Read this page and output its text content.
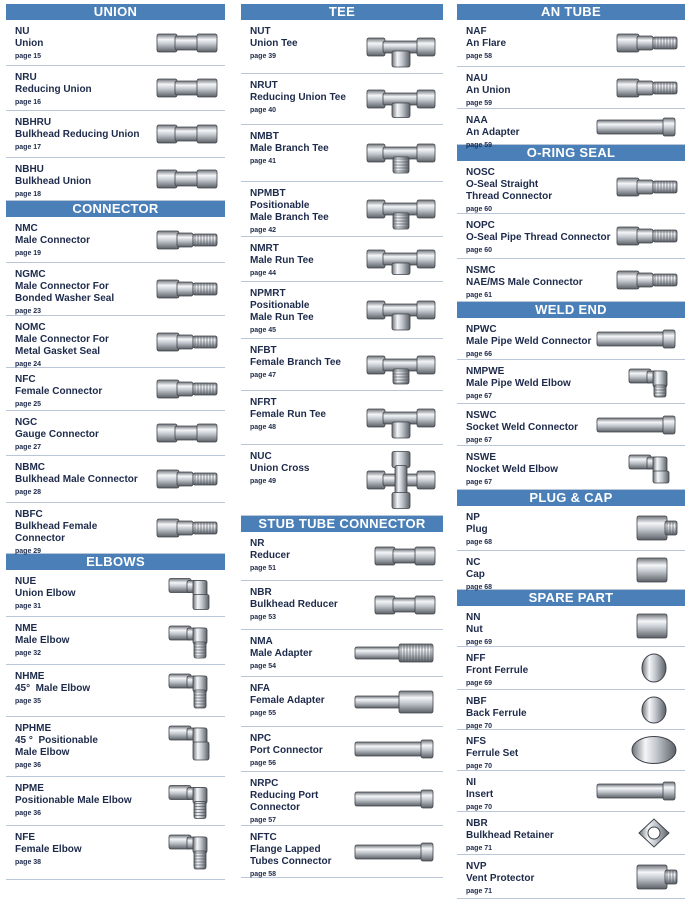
UNION
NU
Union
page 15
NRU
Reducing Union
page 16
NBHRU
Bulkhead Reducing Union
page 17
NBHU
Bulkhead Union
page 18
CONNECTOR
NMC
Male Connector
page 19
NGMC
Male Connector For
Bonded Washer Seal
page 23
NOMC
Male Connector For
Metal Gasket Seal
page 24
NFC
Female Connector
page 25
NGC
Gauge Connector
page 27
NBMC
Bulkhead Male Connector
page 28
NBFC
Bulkhead Female
Connector
page 29
ELBOWS
NUE
Union Elbow
page 31
NME
Male Elbow
page 32
NHME
45°  Male Elbow
page 35
NPHME
45 °  Positionable
Male Elbow
page 36
NPME
Positionable Male Elbow
page 36
NFE
Female Elbow
page 38
TEE
NUT
Union Tee
page 39
NRUT
Reducing Union Tee
page 40
NMBT
Male Branch Tee
page 41
NPMBT
Positionable
Male Branch Tee
page 42
NMRT
Male Run Tee
page 44
NPMRT
Positionable
Male Run Tee
page 45
NFBT
Female Branch Tee
page 47
NFRT
Female Run Tee
page 48
NUC
Union Cross
page 49
STUB TUBE CONNECTOR
NR
Reducer
page 51
NBR
Bulkhead Reducer
page 53
NMA
Male Adapter
page 54
NFA
Female Adapter
page 55
NPC
Port Connector
page 56
NRPC
Reducing Port
Connector
page 57
NFTC
Flange Lapped
Tubes Connector
page 58
AN TUBE
NAF
An Flare
page 58
NAU
An Union
page 59
NAA
An Adapter
page 59	O-RING SEAL
NOSC
O-Seal Straight
Thread Connector
page 60
NOPC
O-Seal Pipe Thread Connector
page 60
NSMC
NAE/MS Male Connector
page 61
WELD END
NPWC
Male Pipe Weld Connector
page 66
NMPWE
Male Pipe Weld Elbow
page 67
NSWC
Socket Weld Connector
page 67
NSWE
Nocket Weld Elbow
page 67
PLUG & CAP
NP
Plug
page 68
NC
Cap
page 68
SPARE PART
NN
Nut
page 69
NFF
Front Ferrule
page 69
NBF
Back Ferrule
page 70
NFS
Ferrule Set
page 70
NI
Insert
page 70
NBR
Bulkhead Retainer
page 71
NVP
Vent Protector
page 71
